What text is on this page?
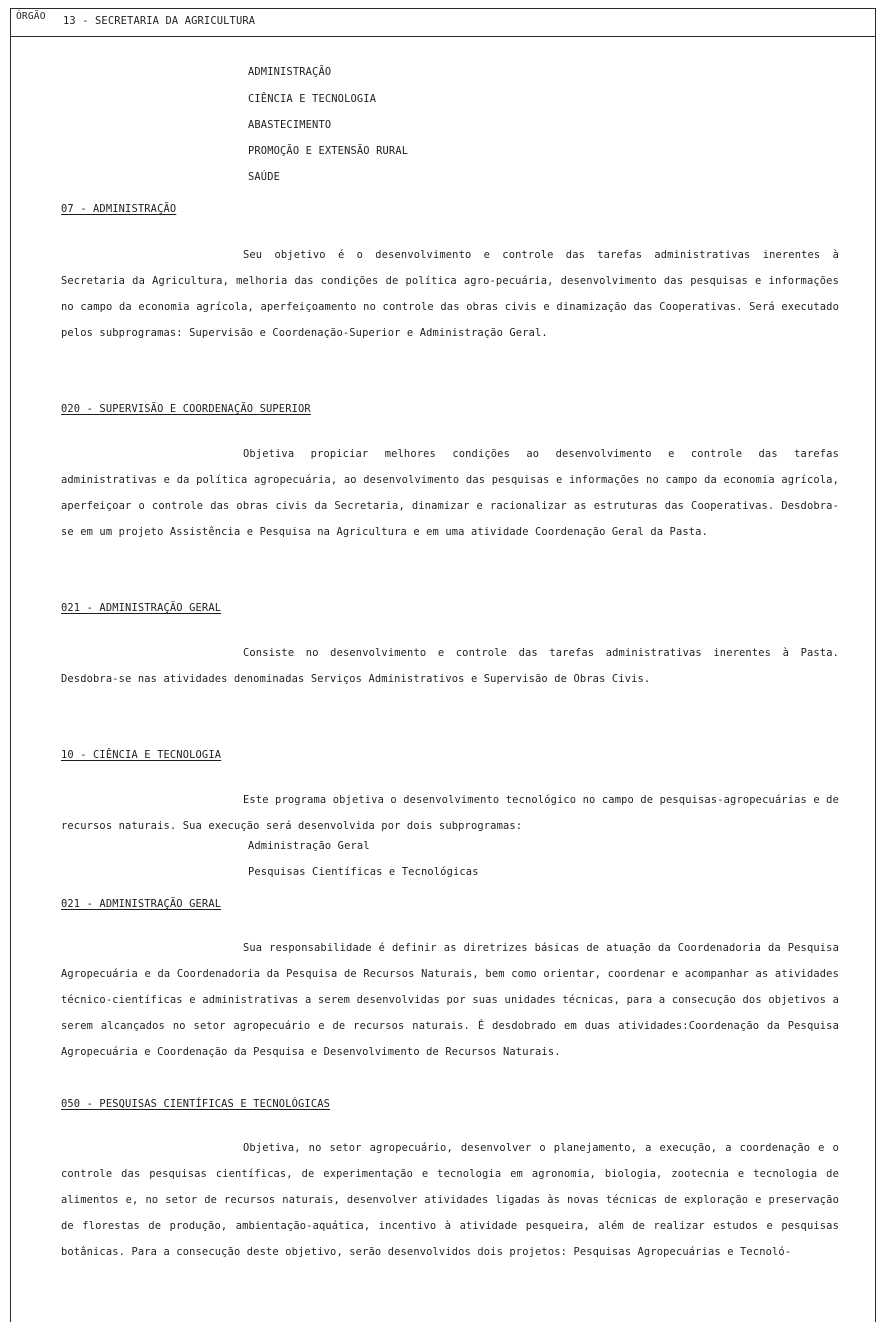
ÓRGÃO 13 - SECRETARIA DA AGRICULTURA
ADMINISTRAÇÃO
CIÊNCIA E TECNOLOGIA
ABASTECIMENTO
PROMOÇÃO E EXTENSÃO RURAL
SAÚDE
07 - ADMINISTRAÇÃO
Seu objetivo é o desenvolvimento e controle das tarefas administrativas inerentes à Secretaria da Agricultura, melhoria das condições de política agro-pecuária, desenvolvimento das pesquisas e informações no campo da economia agrícola, aperfeiçoamento no controle das obras civis e dinamização das Cooperativas. Será executado pelos subprogramas: Supervisão e Coordenação-Superior e Administração Geral.
020 - SUPERVISÃO E COORDENAÇÃO SUPERIOR
Objetiva propiciar melhores condições ao desenvolvimento e controle das tarefas administrativas e da política agropecuária, ao desenvolvimento das pesquisas e informações no campo da economia agrícola, aperfeiçoar o controle das obras civis da Secretaria, dinamizar e racionalizar as estruturas das Cooperativas. Desdobra-se em um projeto Assistência e Pesquisa na Agricultura e em uma atividade Coordenação Geral da Pasta.
021 - ADMINISTRAÇÃO GERAL
Consiste no desenvolvimento e controle das tarefas administrativas inerentes à Pasta. Desdobra-se nas atividades denominadas Serviços Administrativos e Supervisão de Obras Civis.
10 - CIÊNCIA E TECNOLOGIA
Este programa objetiva o desenvolvimento tecnológico no campo de pesquisas-agropecuárias e de recursos naturais. Sua execução será desenvolvida por dois subprogramas:
Administração Geral
Pesquisas Científicas e Tecnológicas
021 - ADMINISTRAÇÃO GERAL
Sua responsabilidade é definir as diretrizes básicas de atuação da Coordenadoria da Pesquisa Agropecuária e da Coordenadoria da Pesquisa de Recursos Naturais, bem como orientar, coordenar e acompanhar as atividades técnico-científicas e administrativas a serem desenvolvidas por suas unidades técnicas, para a consecução dos objetivos a serem alcançados no setor agropecuário e de recursos naturais. É desdobrado em duas atividades:Coordenação da Pesquisa Agropecuária e Coordenação da Pesquisa e Desenvolvimento de Recursos Naturais.
050 - PESQUISAS CIENTÍFICAS E TECNOLÓGICAS
Objetiva, no setor agropecuário, desenvolver o planejamento, a execução, a coordenação e o controle das pesquisas científicas, de experimentação e tecnologia em agronomia, biologia, zootecnia e tecnologia de alimentos e, no setor de recursos naturais, desenvolver atividades ligadas às novas técnicas de exploração e preservação de florestas de produção, ambientação-aquática, incentivo à atividade pesqueira, além de realizar estudos e pesquisas botânicas. Para a consecução deste objetivo, serão desenvolvidos dois projetos: Pesquisas Agropecuárias e Tecnoló-
